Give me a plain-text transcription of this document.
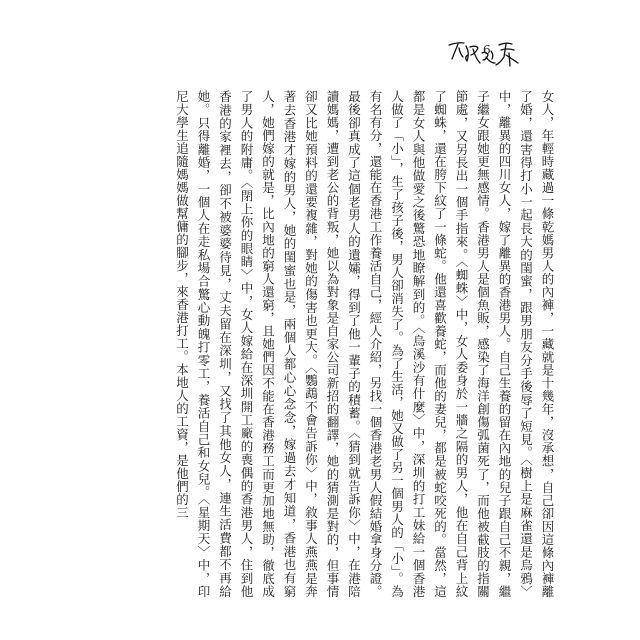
6

女人，年輕時藏過一條乾媽男人的內褲，一藏就是十幾年，沒承想，自己卻因這條內褲離了婚，還害得打小一起長大的閨蜜，跟男朋友分手後辱了短見。〈樹上是麻雀還是烏鴉〉中，離異的四川女人，嫁了離異的香港男人。自己生養的留在內地的兒子跟自己不親，繼子繼女跟她更無感情。香港男人是個魚販，感染了海洋創傷弧菌死了，而他被截肢的指關節處，又另長出一個手指來。〈蜘蛛〉中，女人委身於一牆之隔的男人，他在自己背上紋了蜘蛛，還在胯下紋了一條蛇。他還喜歡養蛇，而他的妻兒，都是被蛇咬死的。當然，這都是女人與他做愛之後驚恐地瞭解到的。〈烏溪沙有什麼〉中，深圳的打工妹給一個香港人做了「小」，生了孩子後，男人卻消失了。為了生活，她又做了另一個男人的「小」。為有名有分，還能在香港工作養活自己，經人介紹，另找一個香港老男人假結婚拿身分證。最後卻真成了這個老男人的遺孀，得到了他一輩子的積蓄。〈猜到就告訴你〉中，在港陪讀媽媽，遭到老公的背叛，她以為對象是自家公司新招的翻譯，她的猜測是對的，但事情卻又比她預料的還要複雜，對她的傷害也更大。〈鸚鵡不會告訴你〉中，敘事人燕燕是奔著去香港才嫁的男人，她的閨蜜也是，兩個人都心心念念，嫁過去才知道，香港也有窮人，她們嫁的就是，比內地的窮人還窮，且她們因不能在香港務工而更加地無助，徹底成了男人的附庸。〈閉上你的眼睛〉中，女人嫁給在深圳開工廠的喪偶的香港男人，住到他香港的家裡去，卻不被婆婆待見，丈夫留在深圳，又找了其他女人，連生活費都不再給她。只得離婚，一個人在走私場合驚心動魄打零工，養活自己和女兒。〈星期天〉中，印尼大學生追隨媽媽做幫傭的腳步，來香港打工。本地人的工資，是他們的三
